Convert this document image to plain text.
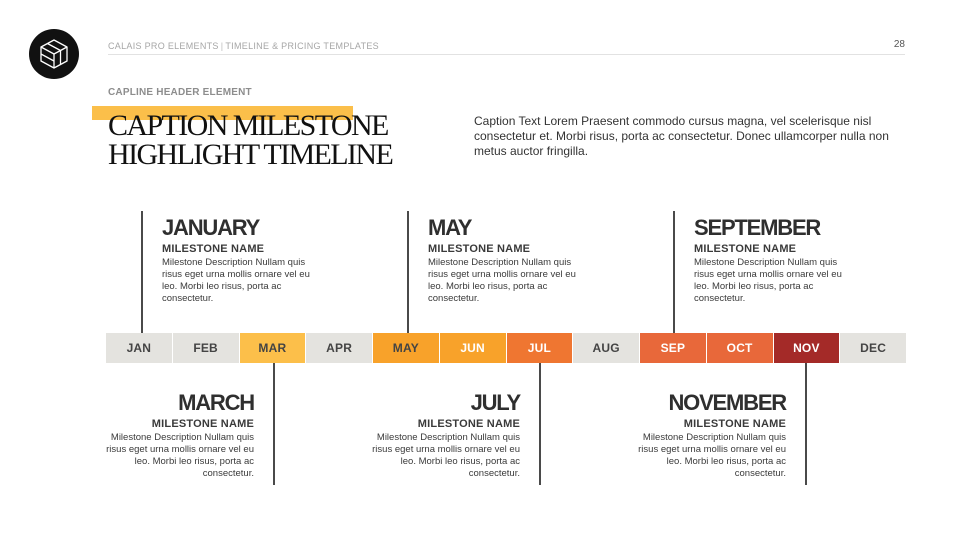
CALAIS PRO ELEMENTS | TIMELINE & PRICING TEMPLATES	28
CAPLINE HEADER ELEMENT
CAPTION MILESTONE
HIGHLIGHT TIMELINE
Caption Text Lorem Praesent commodo cursus magna, vel scelerisque nisl consectetur et. Morbi risus, porta ac consectetur. Donec ullamcorper nulla non metus auctor fringilla.
JAN	FEB	MAR	APR	MAY	JUN	JUL	AUG	SEP	OCT	NOV	DEC
JANUARY
MILESTONE NAME
Milestone Description Nullam quis risus eget urna mollis ornare vel eu leo. Morbi leo risus, porta ac consectetur.
MAY
MILESTONE NAME
Milestone Description Nullam quis risus eget urna mollis ornare vel eu leo. Morbi leo risus, porta ac consectetur.
SEPTEMBER
MILESTONE NAME
Milestone Description Nullam quis risus eget urna mollis ornare vel eu leo. Morbi leo risus, porta ac consectetur.
MARCH
MILESTONE NAME
Milestone Description Nullam quis risus eget urna mollis ornare vel eu leo. Morbi leo risus, porta ac consectetur.
JULY
MILESTONE NAME
Milestone Description Nullam quis risus eget urna mollis ornare vel eu leo. Morbi leo risus, porta ac consectetur.
NOVEMBER
MILESTONE NAME
Milestone Description Nullam quis risus eget urna mollis ornare vel eu leo. Morbi leo risus, porta ac consectetur.
